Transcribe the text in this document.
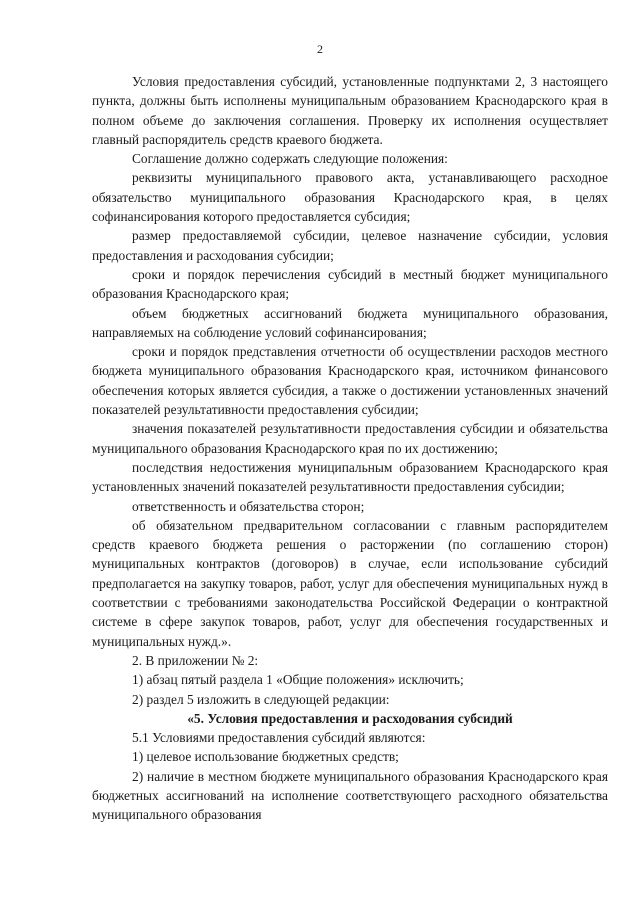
2

Условия предоставления субсидий, установленные подпунктами 2, 3 настоящего пункта, должны быть исполнены муниципальным образованием Краснодарского края в полном объеме до заключения соглашения. Проверку их исполнения осуществляет главный распорядитель средств краевого бюджета.

Соглашение должно содержать следующие положения:

реквизиты муниципального правового акта, устанавливающего расходное обязательство муниципального образования Краснодарского края, в целях софинансирования которого предоставляется субсидия;

размер предоставляемой субсидии, целевое назначение субсидии, условия предоставления и расходования субсидии;

сроки и порядок перечисления субсидий в местный бюджет муниципального образования Краснодарского края;

объем бюджетных ассигнований бюджета муниципального образования, направляемых на соблюдение условий софинансирования;

сроки и порядок представления отчетности об осуществлении расходов местного бюджета муниципального образования Краснодарского края, источником финансового обеспечения которых является субсидия, а также о достижении установленных значений показателей результативности предоставления субсидии;

значения показателей результативности предоставления субсидии и обязательства муниципального образования Краснодарского края по их достижению;

последствия недостижения муниципальным образованием Краснодарского края установленных значений показателей результативности предоставления субсидии;

ответственность и обязательства сторон;

об обязательном предварительном согласовании с главным распорядителем средств краевого бюджета решения о расторжении (по соглашению сторон) муниципальных контрактов (договоров) в случае, если использование субсидий предполагается на закупку товаров, работ, услуг для обеспечения муниципальных нужд в соответствии с требованиями законодательства Российской Федерации о контрактной системе в сфере закупок товаров, работ, услуг для обеспечения государственных и муниципальных нужд.».

2. В приложении № 2:

1) абзац пятый раздела 1 «Общие положения» исключить;

2) раздел 5 изложить в следующей редакции:

«5. Условия предоставления и расходования субсидий

5.1 Условиями предоставления субсидий являются:

1) целевое использование бюджетных средств;

2) наличие в местном бюджете муниципального образования Краснодарского края бюджетных ассигнований на исполнение соответствующего расходного обязательства муниципального образования
